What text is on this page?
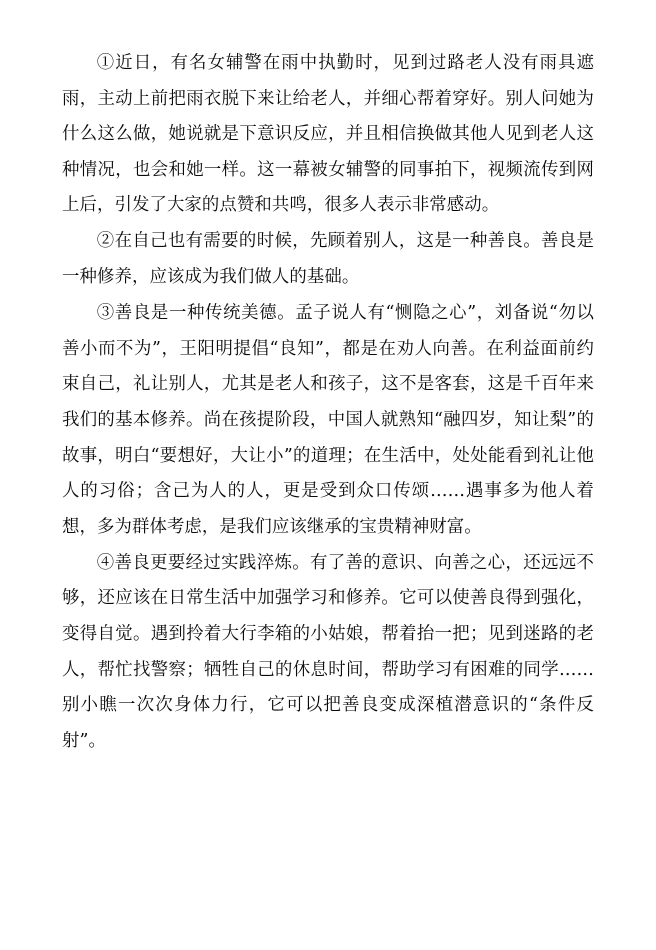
①近日，有名女辅警在雨中执勤时，见到过路老人没有雨具遮雨，主动上前把雨衣脱下来让给老人，并细心帮着穿好。别人问她为什么这么做，她说就是下意识反应，并且相信换做其他人见到老人这种情况，也会和她一样。这一幕被女辅警的同事拍下，视频流传到网上后，引发了大家的点赞和共鸣，很多人表示非常感动。

②在自己也有需要的时候，先顾着别人，这是一种善良。善良是一种修养，应该成为我们做人的基础。

③善良是一种传统美德。孟子说人有“恻隐之心”，刘备说“勿以善小而不为”，王阳明提倡“良知”，都是在劝人向善。在利益面前约束自己，礼让别人，尤其是老人和孩子，这不是客套，这是千百年来我们的基本修养。尚在孩提阶段，中国人就熟知“融四岁，知让梨”的故事，明白“要想好，大让小”的道理；在生活中，处处能看到礼让他人的习俗；含己为人的人，更是受到众口传颂……遇事多为他人着想，多为群体考虑，是我们应该继承的宝贵精神财富。

④善良更要经过实践淬炼。有了善的意识、向善之心，还远远不够，还应该在日常生活中加强学习和修养。它可以使善良得到强化，变得自觉。遇到拎着大行李箱的小姑娘，帮着抬一把；见到迷路的老人，帮忙找警察；牺牲自己的休息时间，帮助学习有困难的同学……别小瞧一次次身体力行，它可以把善良变成深植潜意识的“条件反射”。
